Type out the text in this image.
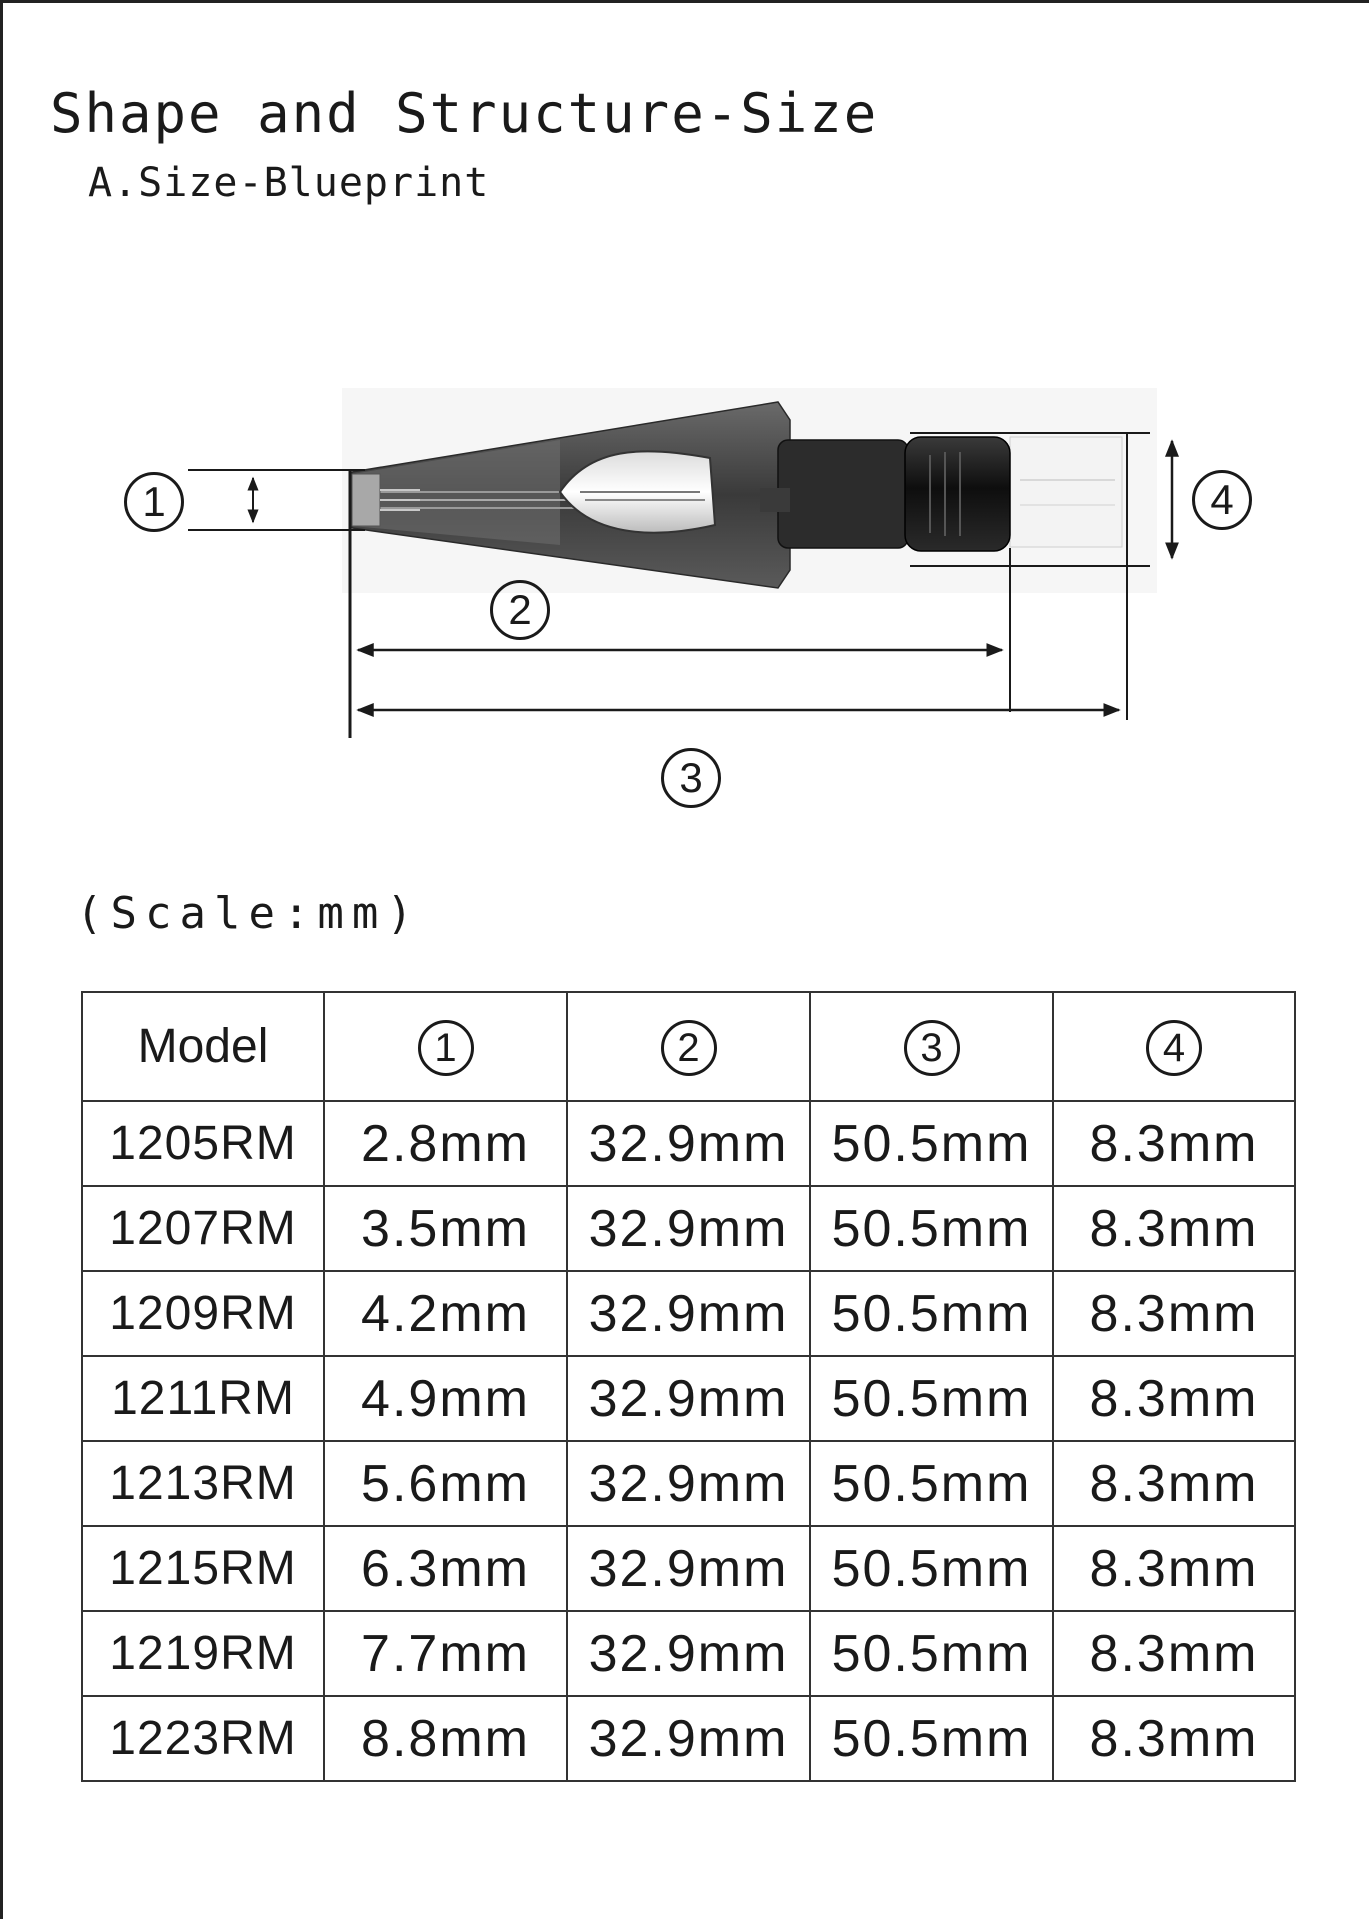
Shape and Structure-Size
A.Size-Blueprint
1
2
3
4
(Scale:mm)
Model	1	2	3	4
1205RM	2.8mm	32.9mm	50.5mm	8.3mm
1207RM	3.5mm	32.9mm	50.5mm	8.3mm
1209RM	4.2mm	32.9mm	50.5mm	8.3mm
1211RM	4.9mm	32.9mm	50.5mm	8.3mm
1213RM	5.6mm	32.9mm	50.5mm	8.3mm
1215RM	6.3mm	32.9mm	50.5mm	8.3mm
1219RM	7.7mm	32.9mm	50.5mm	8.3mm
1223RM	8.8mm	32.9mm	50.5mm	8.3mm
